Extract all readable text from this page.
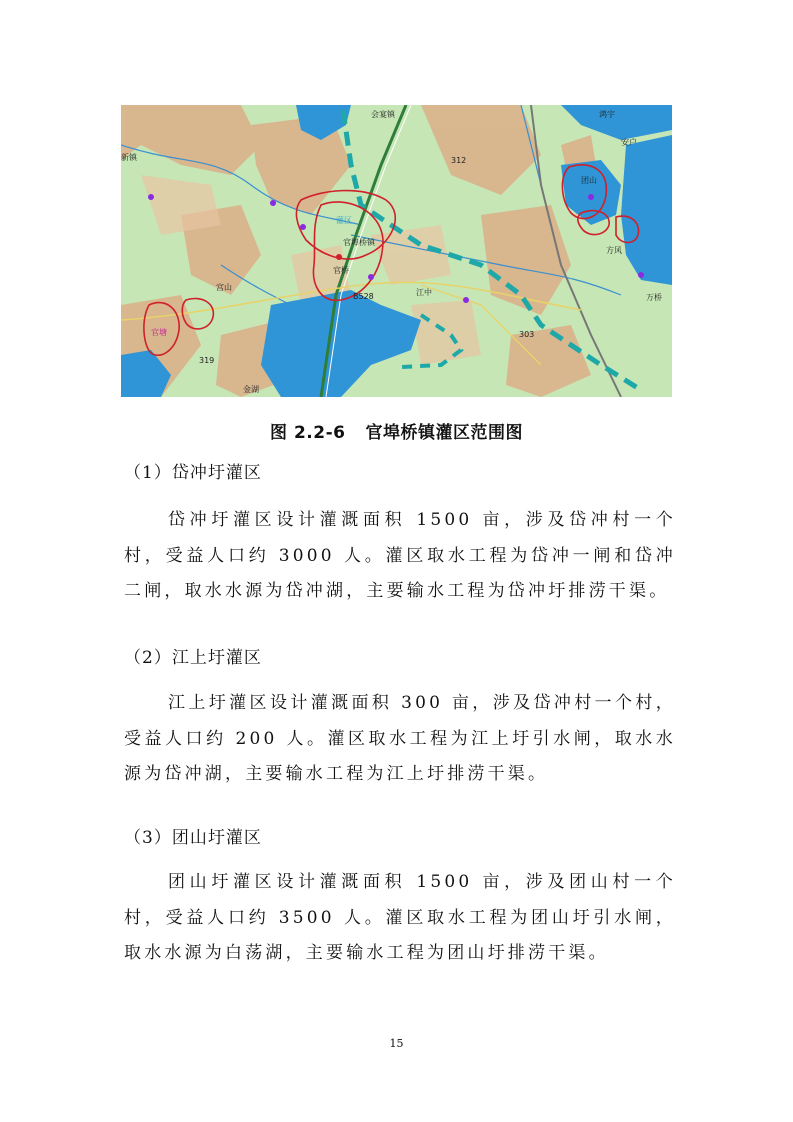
官埠桥镇
官桥
会宴镇	鸿宇
安户
团山
方风
万桥
官塘
江中
新镇
宫山
金湖
灌区
312
303
319
B528
图 2.2-6 官埠桥镇灌区范围图
（1）岱冲圩灌区
岱冲圩灌区设计灌溉面积 1500 亩，涉及岱冲村一个村，受益人口约 3000 人。灌区取水工程为岱冲一闸和岱冲二闸，取水水源为岱冲湖，主要输水工程为岱冲圩排涝干渠。
（2）江上圩灌区
江上圩灌区设计灌溉面积 300 亩，涉及岱冲村一个村，受益人口约 200 人。灌区取水工程为江上圩引水闸，取水水源为岱冲湖，主要输水工程为江上圩排涝干渠。
（3）团山圩灌区
团山圩灌区设计灌溉面积 1500 亩，涉及团山村一个村，受益人口约 3500 人。灌区取水工程为团山圩引水闸，取水水源为白荡湖，主要输水工程为团山圩排涝干渠。
15
